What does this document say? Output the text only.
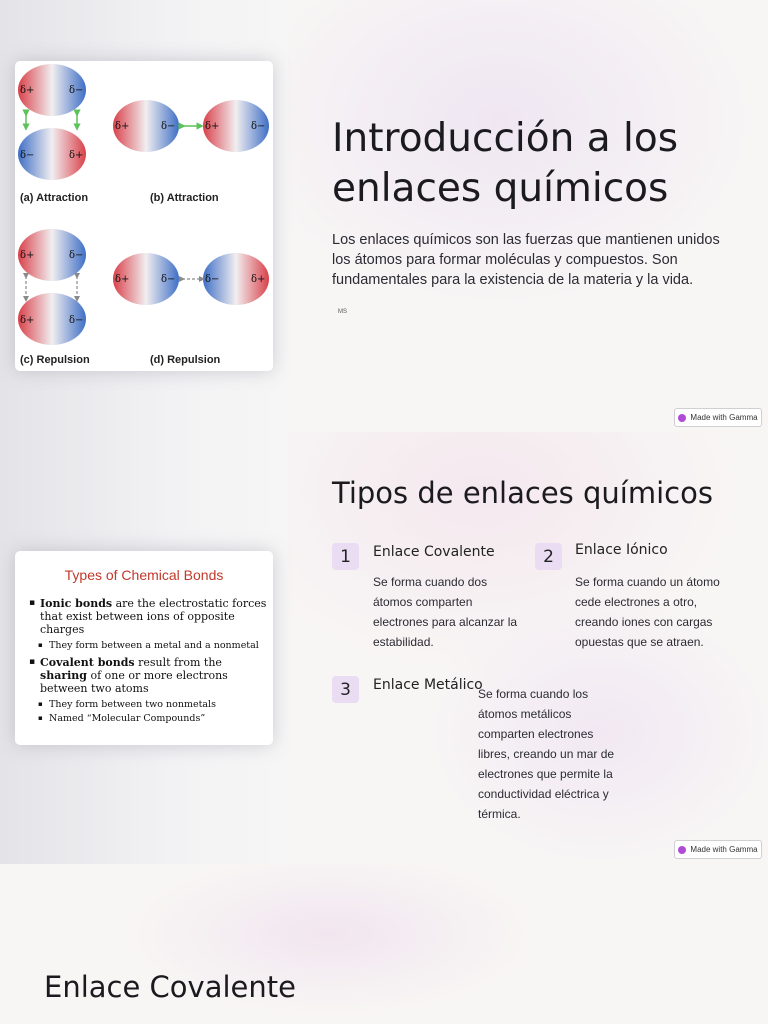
δ+	δ−
δ−	δ+
(a) Attraction
δ+	δ−	δ+	δ−
(b) Attraction
δ+	δ−
δ+	δ−
(c) Repulsion
δ+	δ−	δ−	δ+
(d) Repulsion
Introducción a los enlaces químicos
Los enlaces químicos son las fuerzas que mantienen unidos los átomos para formar moléculas y compuestos. Son fundamentales para la existencia de la materia y la vida.
MS
Made with Gamma
Types of Chemical Bonds
▪ Ionic bonds are the electrostatic forces that exist between ions of opposite charges
▪ They form between a metal and a nonmetal
▪ Covalent bonds result from the sharing of one or more electrons between two atoms
▪ They form between two nonmetals
▪ Named “Molecular Compounds”
Tipos de enlaces químicos
1	Enlace Covalente
Se forma cuando dos átomos comparten electrones para alcanzar la estabilidad.
2	Enlace Iónico
Se forma cuando un átomo cede electrones a otro, creando iones con cargas opuestas que se atraen.
3	Enlace Metálico
Se forma cuando los átomos metálicos comparten electrones libres, creando un mar de electrones que permite la conductividad eléctrica y térmica.
Made with Gamma
Enlace Covalente
